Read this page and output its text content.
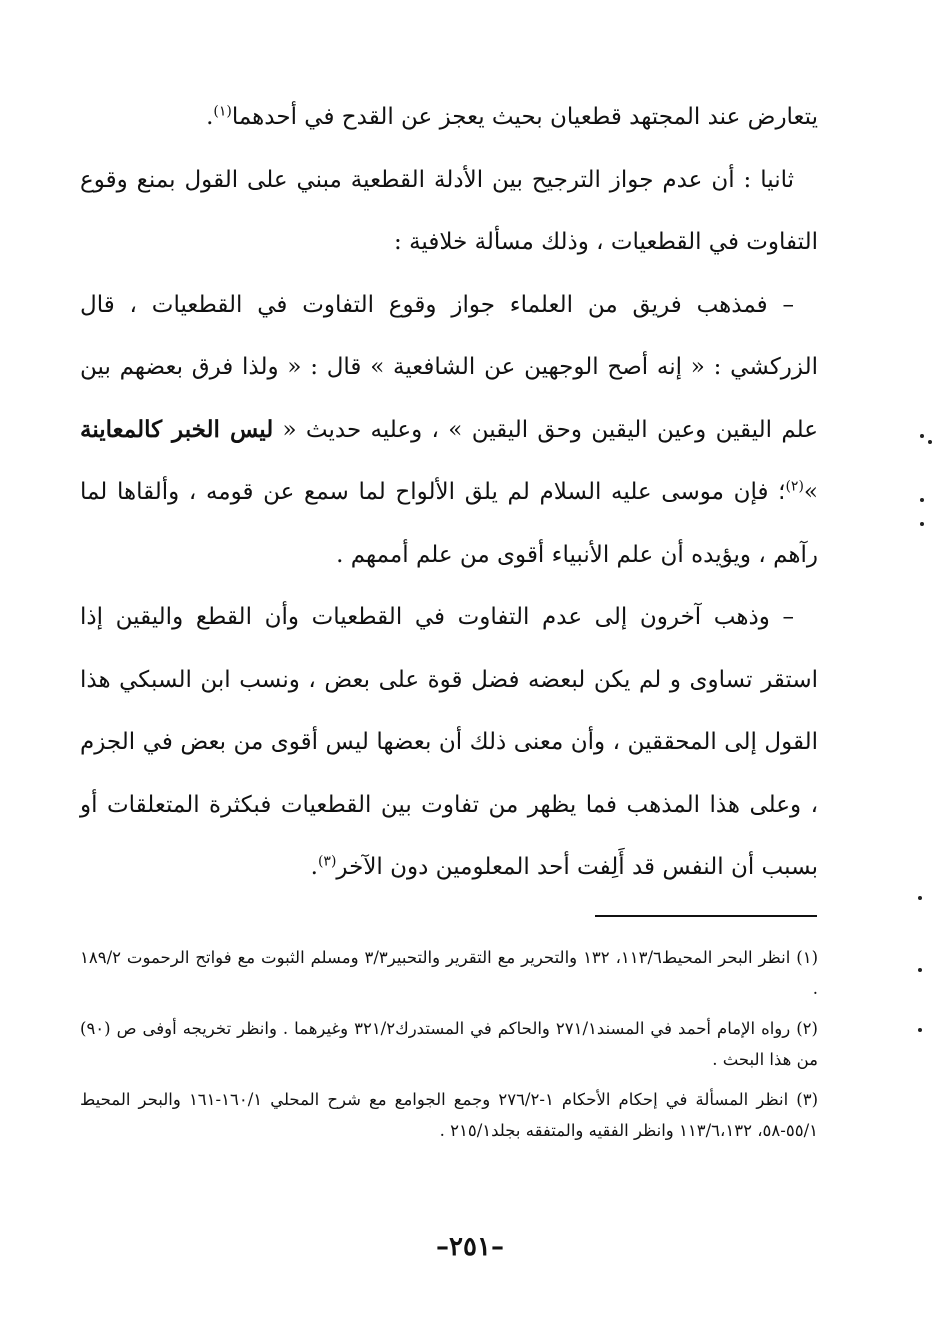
يتعارض عند المجتهد قطعيان بحيث يعجز عن القدح في أحدهما$^{(١)}$.

ثانيا : أن عدم جواز الترجيح بين الأدلة القطعية مبني على القول بمنع وقوع التفاوت في القطعيات ، وذلك مسألة خلافية :

– فمذهب فريق من العلماء جواز وقوع التفاوت في القطعيات ، قال الزركشي : « إنه أصح الوجهين عن الشافعية » قال : « ولذا فرق بعضهم بين علم اليقين وعين اليقين وحق اليقين » ، وعليه حديث « ليس الخبر كالمعاينة »$^{(٢)}$؛ فإن موسى عليه السلام لم يلق الألواح لما سمع عن قومه ، وألقاها لما رآهم ، ويؤيده أن علم الأنبياء أقوى من علم أممهم .

– وذهب آخرون إلى عدم التفاوت في القطعيات وأن القطع واليقين إذا استقر تساوى و لم يكن لبعضه فضل قوة على بعض ، ونسب ابن السبكي هذا القول إلى المحققين ، وأن معنى ذلك أن بعضها ليس أقوى من بعض في الجزم ، وعلى هذا المذهب فما يظهر من تفاوت بين القطعيات فبكثرة المتعلقات أو بسبب أن النفس قد أَلِفت أحد المعلومين دون الآخر$^{(٣)}$.

(١) انظر البحر المحيط١١٣/٦، ١٣٢ والتحرير مع التقرير والتحبير٣/٣ ومسلم الثبوت مع فواتح الرحموت ١٨٩/٢ .

(٢) رواه الإمام أحمد في المسند٢٧١/١ والحاكم في المستدرك٣٢١/٢ وغيرهما . وانظر تخريجه أوفى ص (٩٠) من هذا البحث .

(٣) انظر المسألة في إحكام الأحكام ١-٢٧٦/٢ وجمع الجوامع مع شرح المحلي ١٦٠/١-١٦١ والبحر المحيط ٥٥/١-٥٨، ١١٣/٦،١٣٢ وانظر الفقيه والمتفقه بجلد٢١٥/١ .

–٢٥١–
